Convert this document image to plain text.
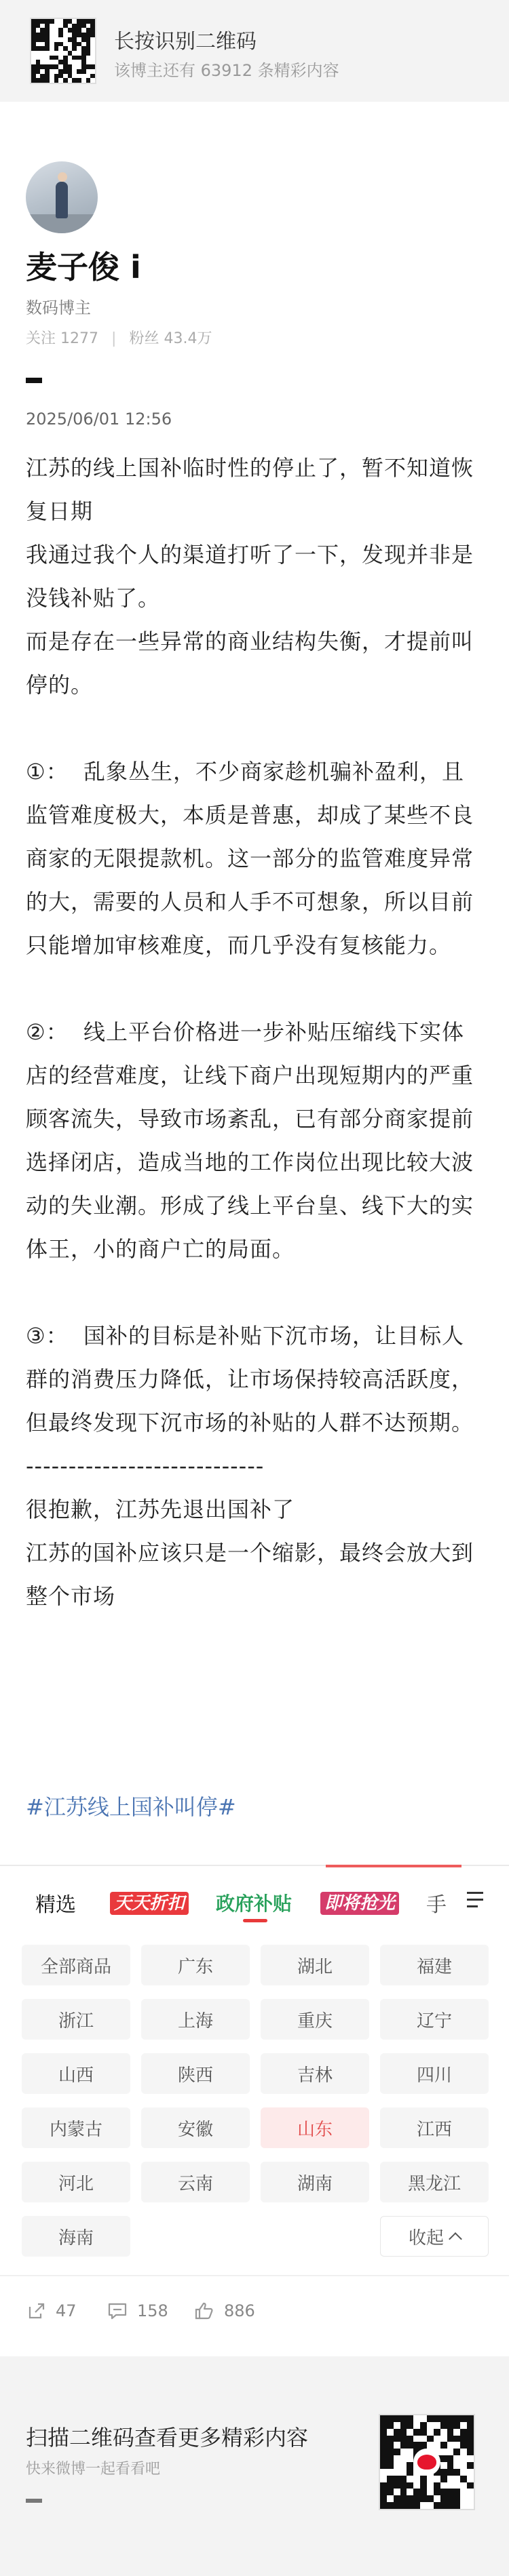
长按识别二维码
该博主还有 63912 条精彩内容
麦子俊 i
数码博主
关注 1277 | 粉丝 43.4万
2025/06/01 12:56

江苏的线上国补临时性的停止了，暂不知道恢复日期

我通过我个人的渠道打听了一下，发现并非是没钱补贴了。

而是存在一些异常的商业结构失衡，才提前叫停的。

①：  乱象丛生，不少商家趁机骗补盈利，且监管难度极大，本质是普惠，却成了某些不良商家的无限提款机。这一部分的监管难度异常的大，需要的人员和人手不可想象，所以目前只能增加审核难度，而几乎没有复核能力。

②：  线上平台价格进一步补贴压缩线下实体店的经营难度，让线下商户出现短期内的严重顾客流失，导致市场紊乱，已有部分商家提前选择闭店，造成当地的工作岗位出现比较大波动的失业潮。形成了线上平台皇、线下大的实体王，小的商户亡的局面。

③：  国补的目标是补贴下沉市场，让目标人群的消费压力降低，让市场保持较高活跃度，但最终发现下沉市场的补贴的人群不达预期。

----------------------------

很抱歉，江苏先退出国补了

江苏的国补应该只是一个缩影，最终会放大到整个市场

#江苏线上国补叫停#
精选 天天折扣 政府补贴 即将抢光 手
全部商品	广东	湖北	福建
浙江	上海	重庆	辽宁
山西	陕西	吉林	四川
内蒙古	安徽	山东	江西
河北	云南	湖南	黑龙江
海南	收起
47	158	886
扫描二维码查看更多精彩内容
快来微博一起看看吧
